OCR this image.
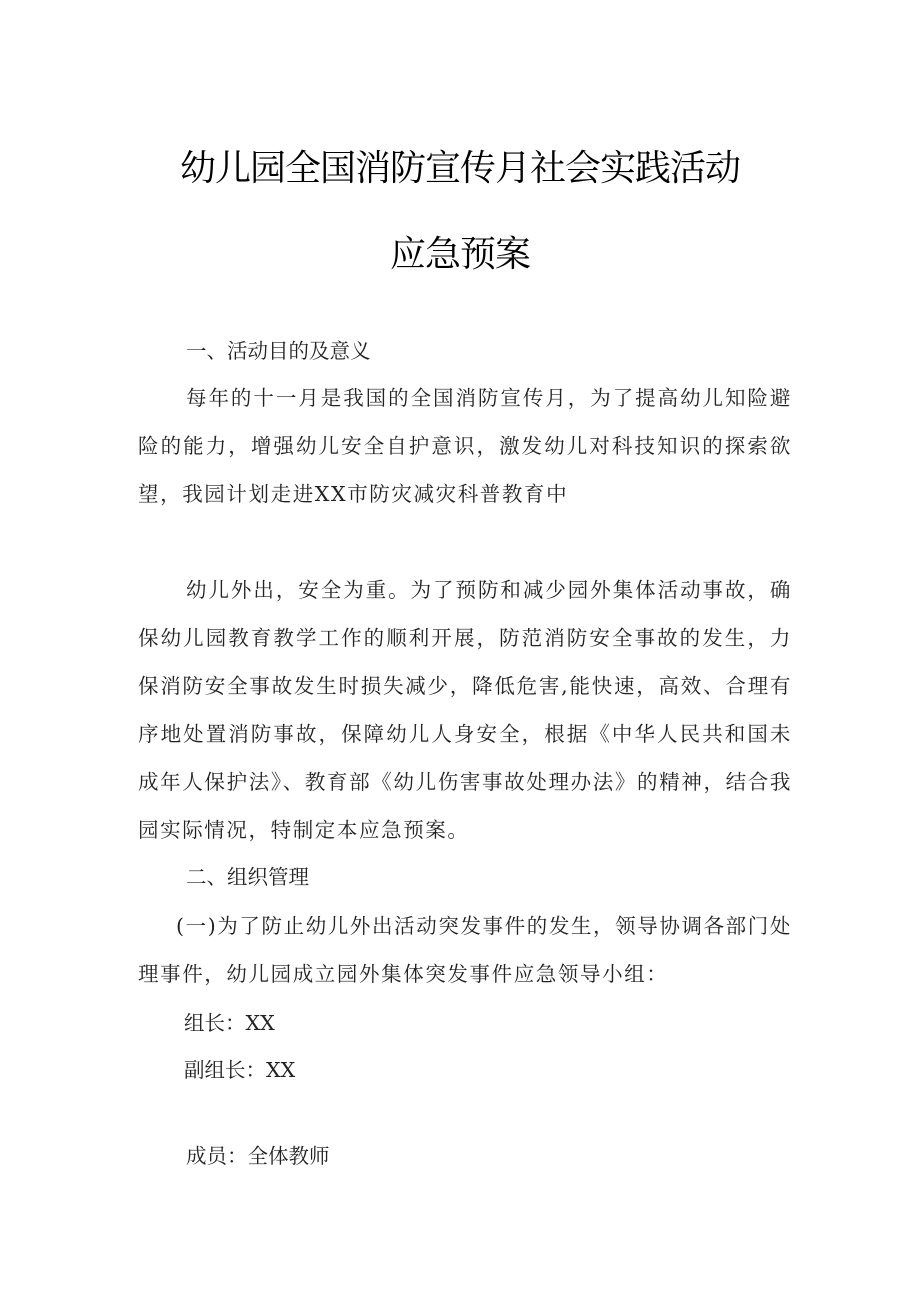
幼儿园全国消防宣传月社会实践活动
应急预案

一、活动目的及意义

每年的十一月是我国的全国消防宣传月，为了提高幼儿知险避险的能力，增强幼儿安全自护意识，激发幼儿对科技知识的探索欲望，我园计划走进XX市防灾减灾科普教育中

幼儿外出，安全为重。为了预防和减少园外集体活动事故，确保幼儿园教育教学工作的顺利开展，防范消防安全事故的发生，力保消防安全事故发生时损失减少，降低危害,能快速，高效、合理有序地处置消防事故，保障幼儿人身安全，根据《中华人民共和国未成年人保护法》、教育部《幼儿伤害事故处理办法》的精神，结合我园实际情况，特制定本应急预案。

二、组织管理

(一)为了防止幼儿外出活动突发事件的发生，领导协调各部门处理事件，幼儿园成立园外集体突发事件应急领导小组：

组长：XX

副组长：XX

成员：全体教师
